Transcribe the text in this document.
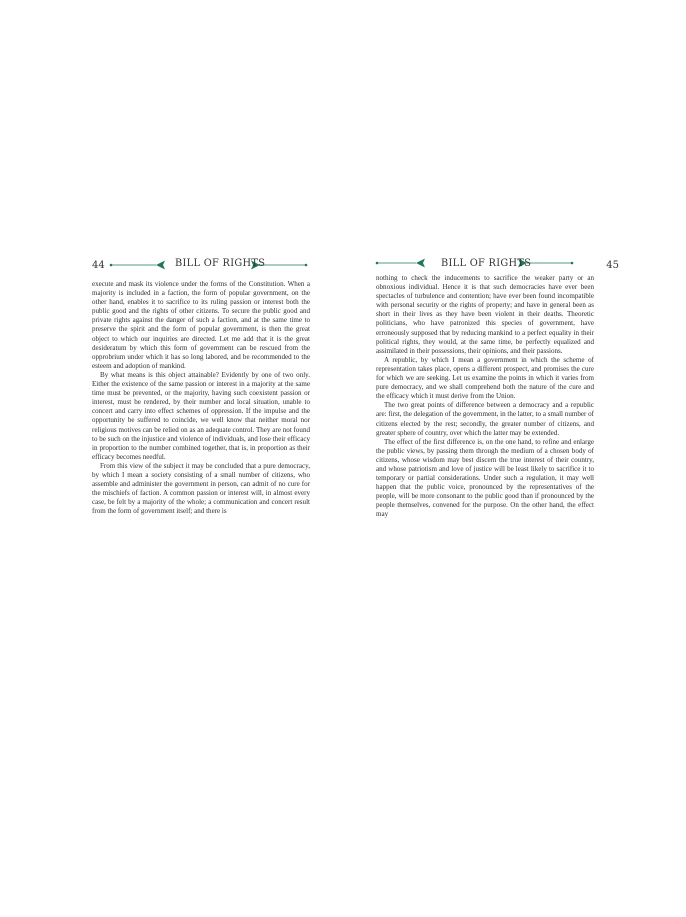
44	BILL OF RIGHTS

execute and mask its violence under the forms of the Constitution. When a majority is included in a faction, the form of popular government, on the other hand, enables it to sacrifice to its ruling passion or interest both the public good and the rights of other citizens. To secure the public good and private rights against the danger of such a faction, and at the same time to preserve the spirit and the form of popular government, is then the great object to which our inquiries are directed. Let me add that it is the great desideratum by which this form of government can be rescued from the opprobrium under which it has so long labored, and be recommended to the esteem and adoption of mankind.

By what means is this object attainable? Evidently by one of two only. Either the existence of the same passion or interest in a majority at the same time must be prevented, or the majority, having such coexistent passion or interest, must be rendered, by their number and local situation, unable to concert and carry into effect schemes of oppression. If the impulse and the opportunity be suffered to coincide, we well know that neither moral nor religious motives can be relied on as an adequate control. They are not found to be such on the injustice and violence of individuals, and lose their efficacy in proportion to the number combined together, that is, in proportion as their efficacy becomes needful.

From this view of the subject it may be concluded that a pure democracy, by which I mean a society consisting of a small number of citizens, who assemble and administer the government in person, can admit of no cure for the mischiefs of faction. A common passion or interest will, in almost every case, be felt by a majority of the whole; a communication and concert result from the form of government itself; and there is

BILL OF RIGHTS	45

nothing to check the inducements to sacrifice the weaker party or an obnoxious individual. Hence it is that such democracies have ever been spectacles of turbulence and contention; have ever been found incompatible with personal security or the rights of property; and have in general been as short in their lives as they have been violent in their deaths. Theoretic politicians, who have patronized this species of government, have erroneously supposed that by reducing mankind to a perfect equality in their political rights, they would, at the same time, be perfectly equalized and assimilated in their possessions, their opinions, and their passions.

A republic, by which I mean a government in which the scheme of representation takes place, opens a different prospect, and promises the cure for which we are seeking. Let us examine the points in which it varies from pure democracy, and we shall comprehend both the nature of the cure and the efficacy which it must derive from the Union.

The two great points of difference between a democracy and a republic are: first, the delegation of the government, in the latter, to a small number of citizens elected by the rest; secondly, the greater number of citizens, and greater sphere of country, over which the latter may be extended.

The effect of the first difference is, on the one hand, to refine and enlarge the public views, by passing them through the medium of a chosen body of citizens, whose wisdom may best discern the true interest of their country, and whose patriotism and love of justice will be least likely to sacrifice it to temporary or partial considerations. Under such a regulation, it may well happen that the public voice, pronounced by the representatives of the people, will be more consonant to the public good than if pronounced by the people themselves, convened for the purpose. On the other hand, the effect may
